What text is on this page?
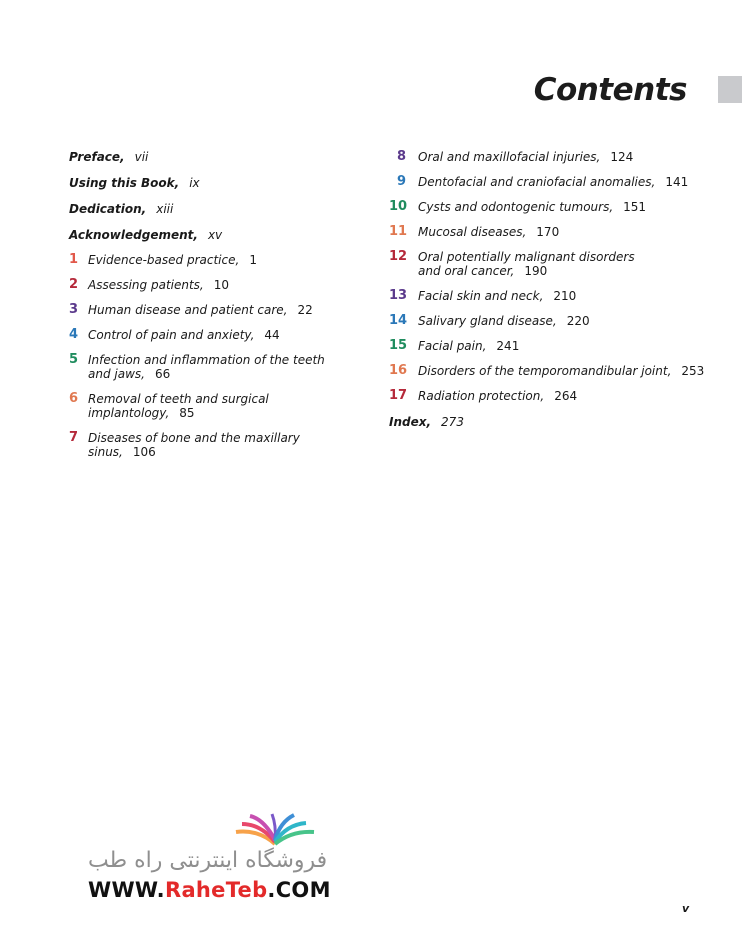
Contents
Preface, vii
Using this Book, ix
Dedication, xiii
Acknowledgement, xv
1 Evidence-based practice, 1
2 Assessing patients, 10
3 Human disease and patient care, 22
4 Control of pain and anxiety, 44
5 Infection and inflammation of the teeth
and jaws, 66
6 Removal of teeth and surgical implantology, 85
7 Diseases of bone and the maxillary sinus, 106
8 Oral and maxillofacial injuries, 124
9 Dentofacial and craniofacial anomalies, 141
10 Cysts and odontogenic tumours, 151
11 Mucosal diseases, 170
12 Oral potentially malignant disorders
and oral cancer, 190
13 Facial skin and neck, 210
14 Salivary gland disease, 220
15 Facial pain, 241
16 Disorders of the temporomandibular joint, 253
17 Radiation protection, 264
Index, 273
فروشگاه اینترنتی راه طب
WWW.RaheTeb.COM
v
